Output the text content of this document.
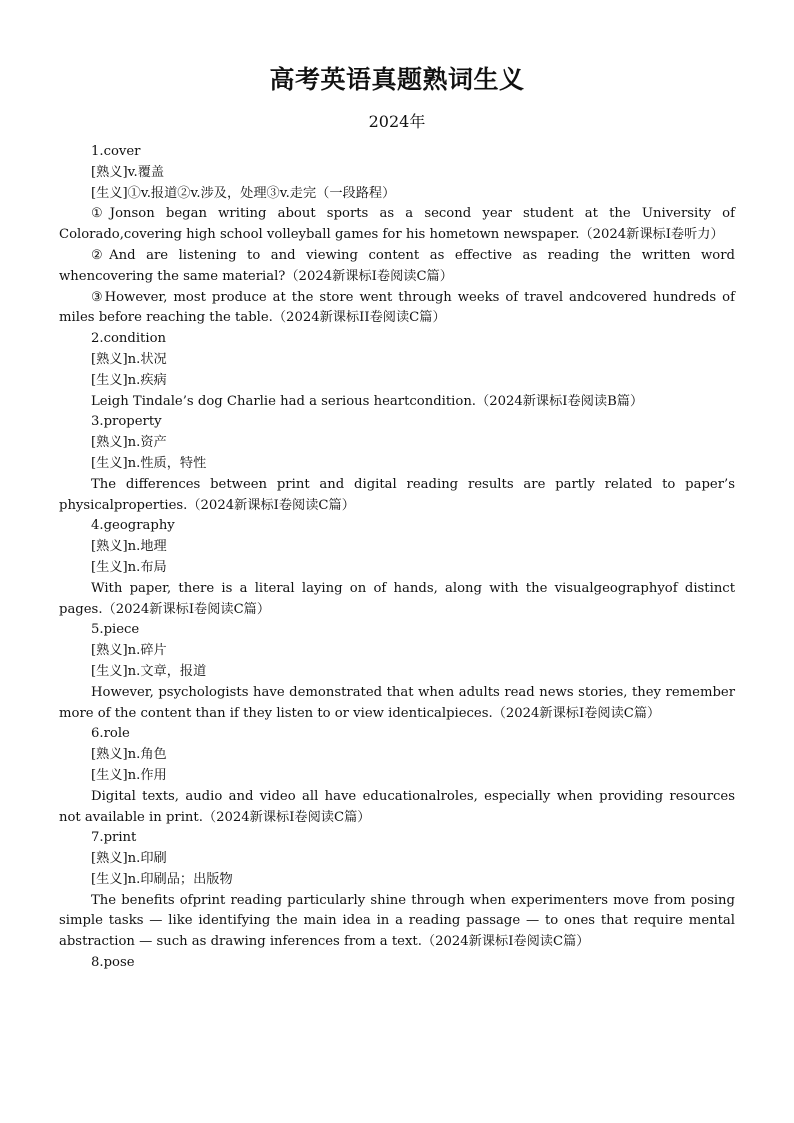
高考英语真题熟词生义
2024年

1.cover

[熟义]v.覆盖

[生义]①v.报道②v.涉及，处理③v.走完（一段路程）

①Jonson began writing about sports as a second year student at the University of Colorado,covering high school volleyball games for his hometown newspaper.（2024新课标I卷听力）

②And are listening to and viewing content as effective as reading the written word whencovering the same material?（2024新课标I卷阅读C篇）

③However, most produce at the store went through weeks of travel andcovered hundreds of miles before reaching the table.（2024新课标II卷阅读C篇）

2.condition

[熟义]n.状况

[生义]n.疾病

Leigh Tindale’s dog Charlie had a serious heartcondition.（2024新课标I卷阅读B篇）

3.property

[熟义]n.资产

[生义]n.性质，特性

The differences between print and digital reading results are partly related to paper’s physicalproperties.（2024新课标I卷阅读C篇）

4.geography

[熟义]n.地理

[生义]n.布局

With paper, there is a literal laying on of hands, along with the visualgeographyof distinct pages.（2024新课标I卷阅读C篇）

5.piece

[熟义]n.碎片

[生义]n.文章，报道

However, psychologists have demonstrated that when adults read news stories, they remember more of the content than if they listen to or view identicalpieces.（2024新课标I卷阅读C篇）

6.role

[熟义]n.角色

[生义]n.作用

Digital texts, audio and video all have educationalroles, especially when providing resources not available in print.（2024新课标I卷阅读C篇）

7.print

[熟义]n.印刷

[生义]n.印刷品；出版物

The benefits ofprint reading particularly shine through when experimenters move from posing simple tasks — like identifying the main idea in a reading passage — to ones that require mental abstraction — such as drawing inferences from a text.（2024新课标I卷阅读C篇）

8.pose
